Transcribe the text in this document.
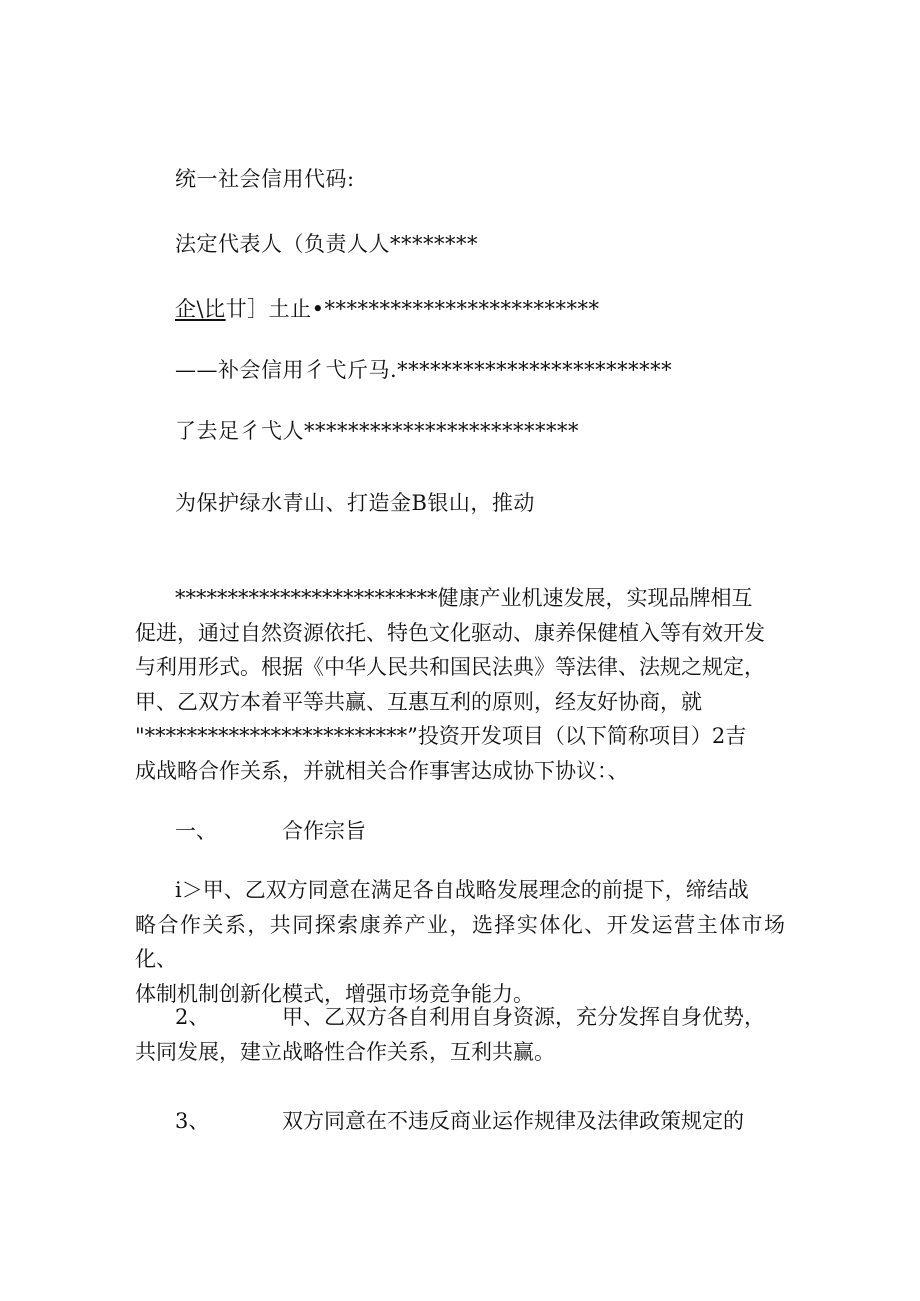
统一社会信用代码:
法定代表人（负责人人********
企\比廿］土止•*************************
——补会信用彳弋斤马.*************************
了去足彳弋人*************************
为保护绿水青山、打造金B银山，推动
*************************健康产业机速发展，实现品牌相互
促进，通过自然资源依托、特色文化驱动、康养保健植入等有效开发
与利用形式。根据《中华人民共和国民法典》等法律、法规之规定，
甲、乙双方本着平等共赢、互惠互利的原则，经友好协商，就
"*************************”投资开发项目（以下简称项目）2吉
成战略合作关系，并就相关合作事害达成协下协议：、
一、	合作宗旨
i＞甲、乙双方同意在满足各自战略发展理念的前提下，缔结战
略合作关系，共同探索康养产业，选择实体化、开发运营主体市场化、
体制机制创新化模式，增强市场竞争能力。
2、	甲、乙双方各自利用自身资源，充分发挥自身优势，
共同发展，建立战略性合作关系，互利共赢。
3、	双方同意在不违反商业运作规律及法律政策规定的
